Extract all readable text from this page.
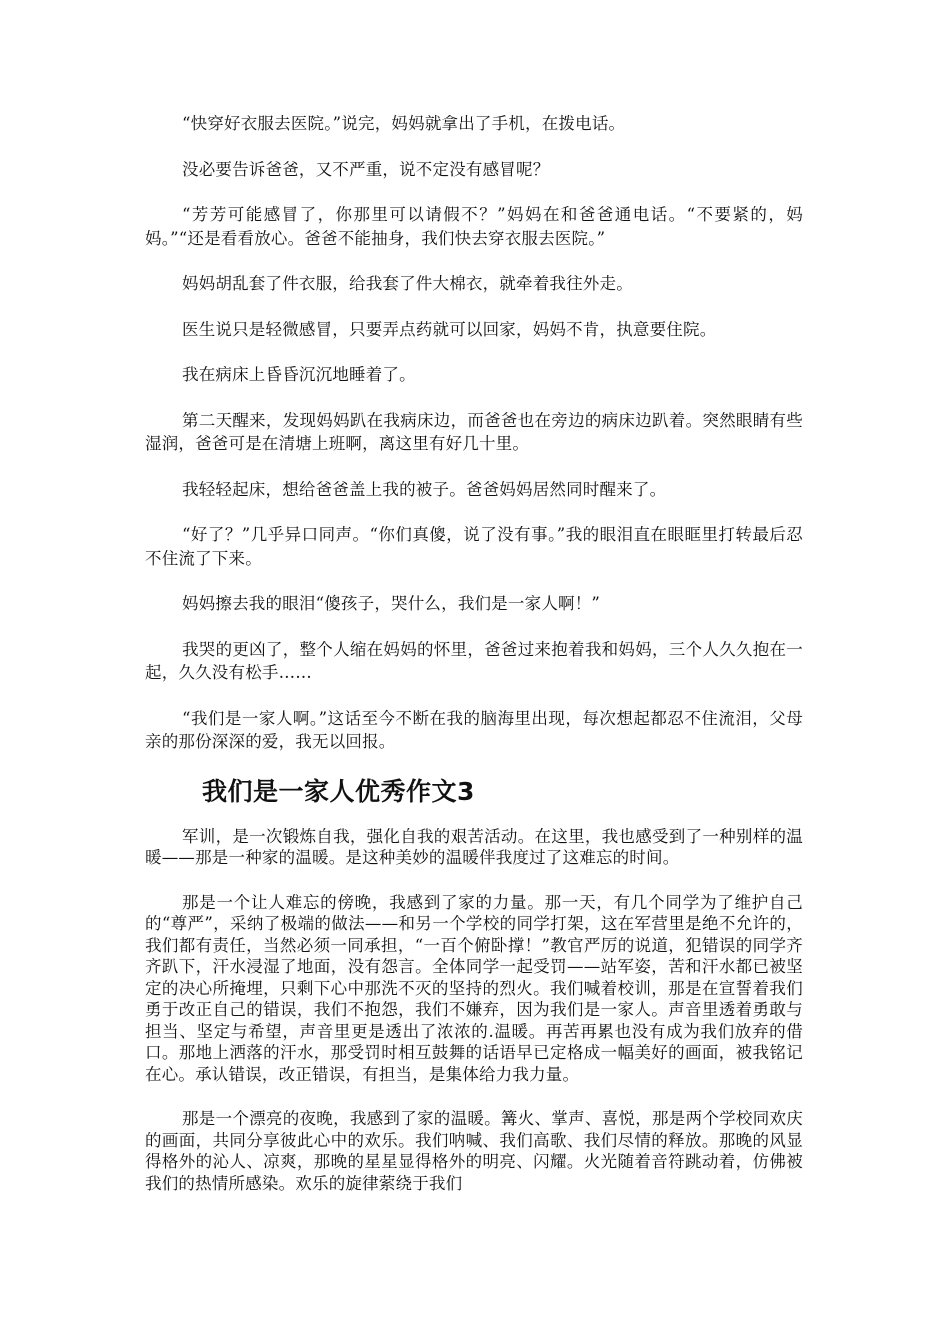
“快穿好衣服去医院。”说完，妈妈就拿出了手机，在拨电话。

没必要告诉爸爸，又不严重，说不定没有感冒呢？

“芳芳可能感冒了，你那里可以请假不？”妈妈在和爸爸通电话。“不要紧的，妈妈。”“还是看看放心。爸爸不能抽身，我们快去穿衣服去医院。”

妈妈胡乱套了件衣服，给我套了件大棉衣，就牵着我往外走。

医生说只是轻微感冒，只要弄点药就可以回家，妈妈不肯，执意要住院。

我在病床上昏昏沉沉地睡着了。

第二天醒来，发现妈妈趴在我病床边，而爸爸也在旁边的病床边趴着。突然眼睛有些湿润，爸爸可是在清塘上班啊，离这里有好几十里。

我轻轻起床，想给爸爸盖上我的被子。爸爸妈妈居然同时醒来了。

“好了？”几乎异口同声。“你们真傻，说了没有事。”我的眼泪直在眼眶里打转最后忍不住流了下来。

妈妈擦去我的眼泪“傻孩子，哭什么，我们是一家人啊！”

我哭的更凶了，整个人缩在妈妈的怀里，爸爸过来抱着我和妈妈，三个人久久抱在一起，久久没有松手……

“我们是一家人啊。”这话至今不断在我的脑海里出现，每次想起都忍不住流泪，父母亲的那份深深的爱，我无以回报。

我们是一家人优秀作文3

军训，是一次锻炼自我，强化自我的艰苦活动。在这里，我也感受到了一种别样的温暖——那是一种家的温暖。是这种美妙的温暖伴我度过了这难忘的时间。

那是一个让人难忘的傍晚，我感到了家的力量。那一天，有几个同学为了维护自己的“尊严”，采纳了极端的做法——和另一个学校的同学打架，这在军营里是绝不允许的，我们都有责任，当然必须一同承担，“一百个俯卧撑！”教官严厉的说道，犯错误的同学齐齐趴下，汗水浸湿了地面，没有怨言。全体同学一起受罚——站军姿，苦和汗水都已被坚定的决心所掩埋，只剩下心中那洗不灭的坚持的烈火。我们喊着校训，那是在宣誓着我们勇于改正自己的错误，我们不抱怨，我们不嫌弃，因为我们是一家人。声音里透着勇敢与担当、坚定与希望，声音里更是透出了浓浓的.温暖。再苦再累也没有成为我们放弃的借口。那地上洒落的汗水，那受罚时相互鼓舞的话语早已定格成一幅美好的画面，被我铭记在心。承认错误，改正错误，有担当，是集体给力我力量。

那是一个漂亮的夜晚，我感到了家的温暖。篝火、掌声、喜悦，那是两个学校同欢庆的画面，共同分享彼此心中的欢乐。我们呐喊、我们高歌、我们尽情的释放。那晚的风显得格外的沁人、凉爽，那晚的星星显得格外的明亮、闪耀。火光随着音符跳动着，仿佛被我们的热情所感染。欢乐的旋律萦绕于我们
